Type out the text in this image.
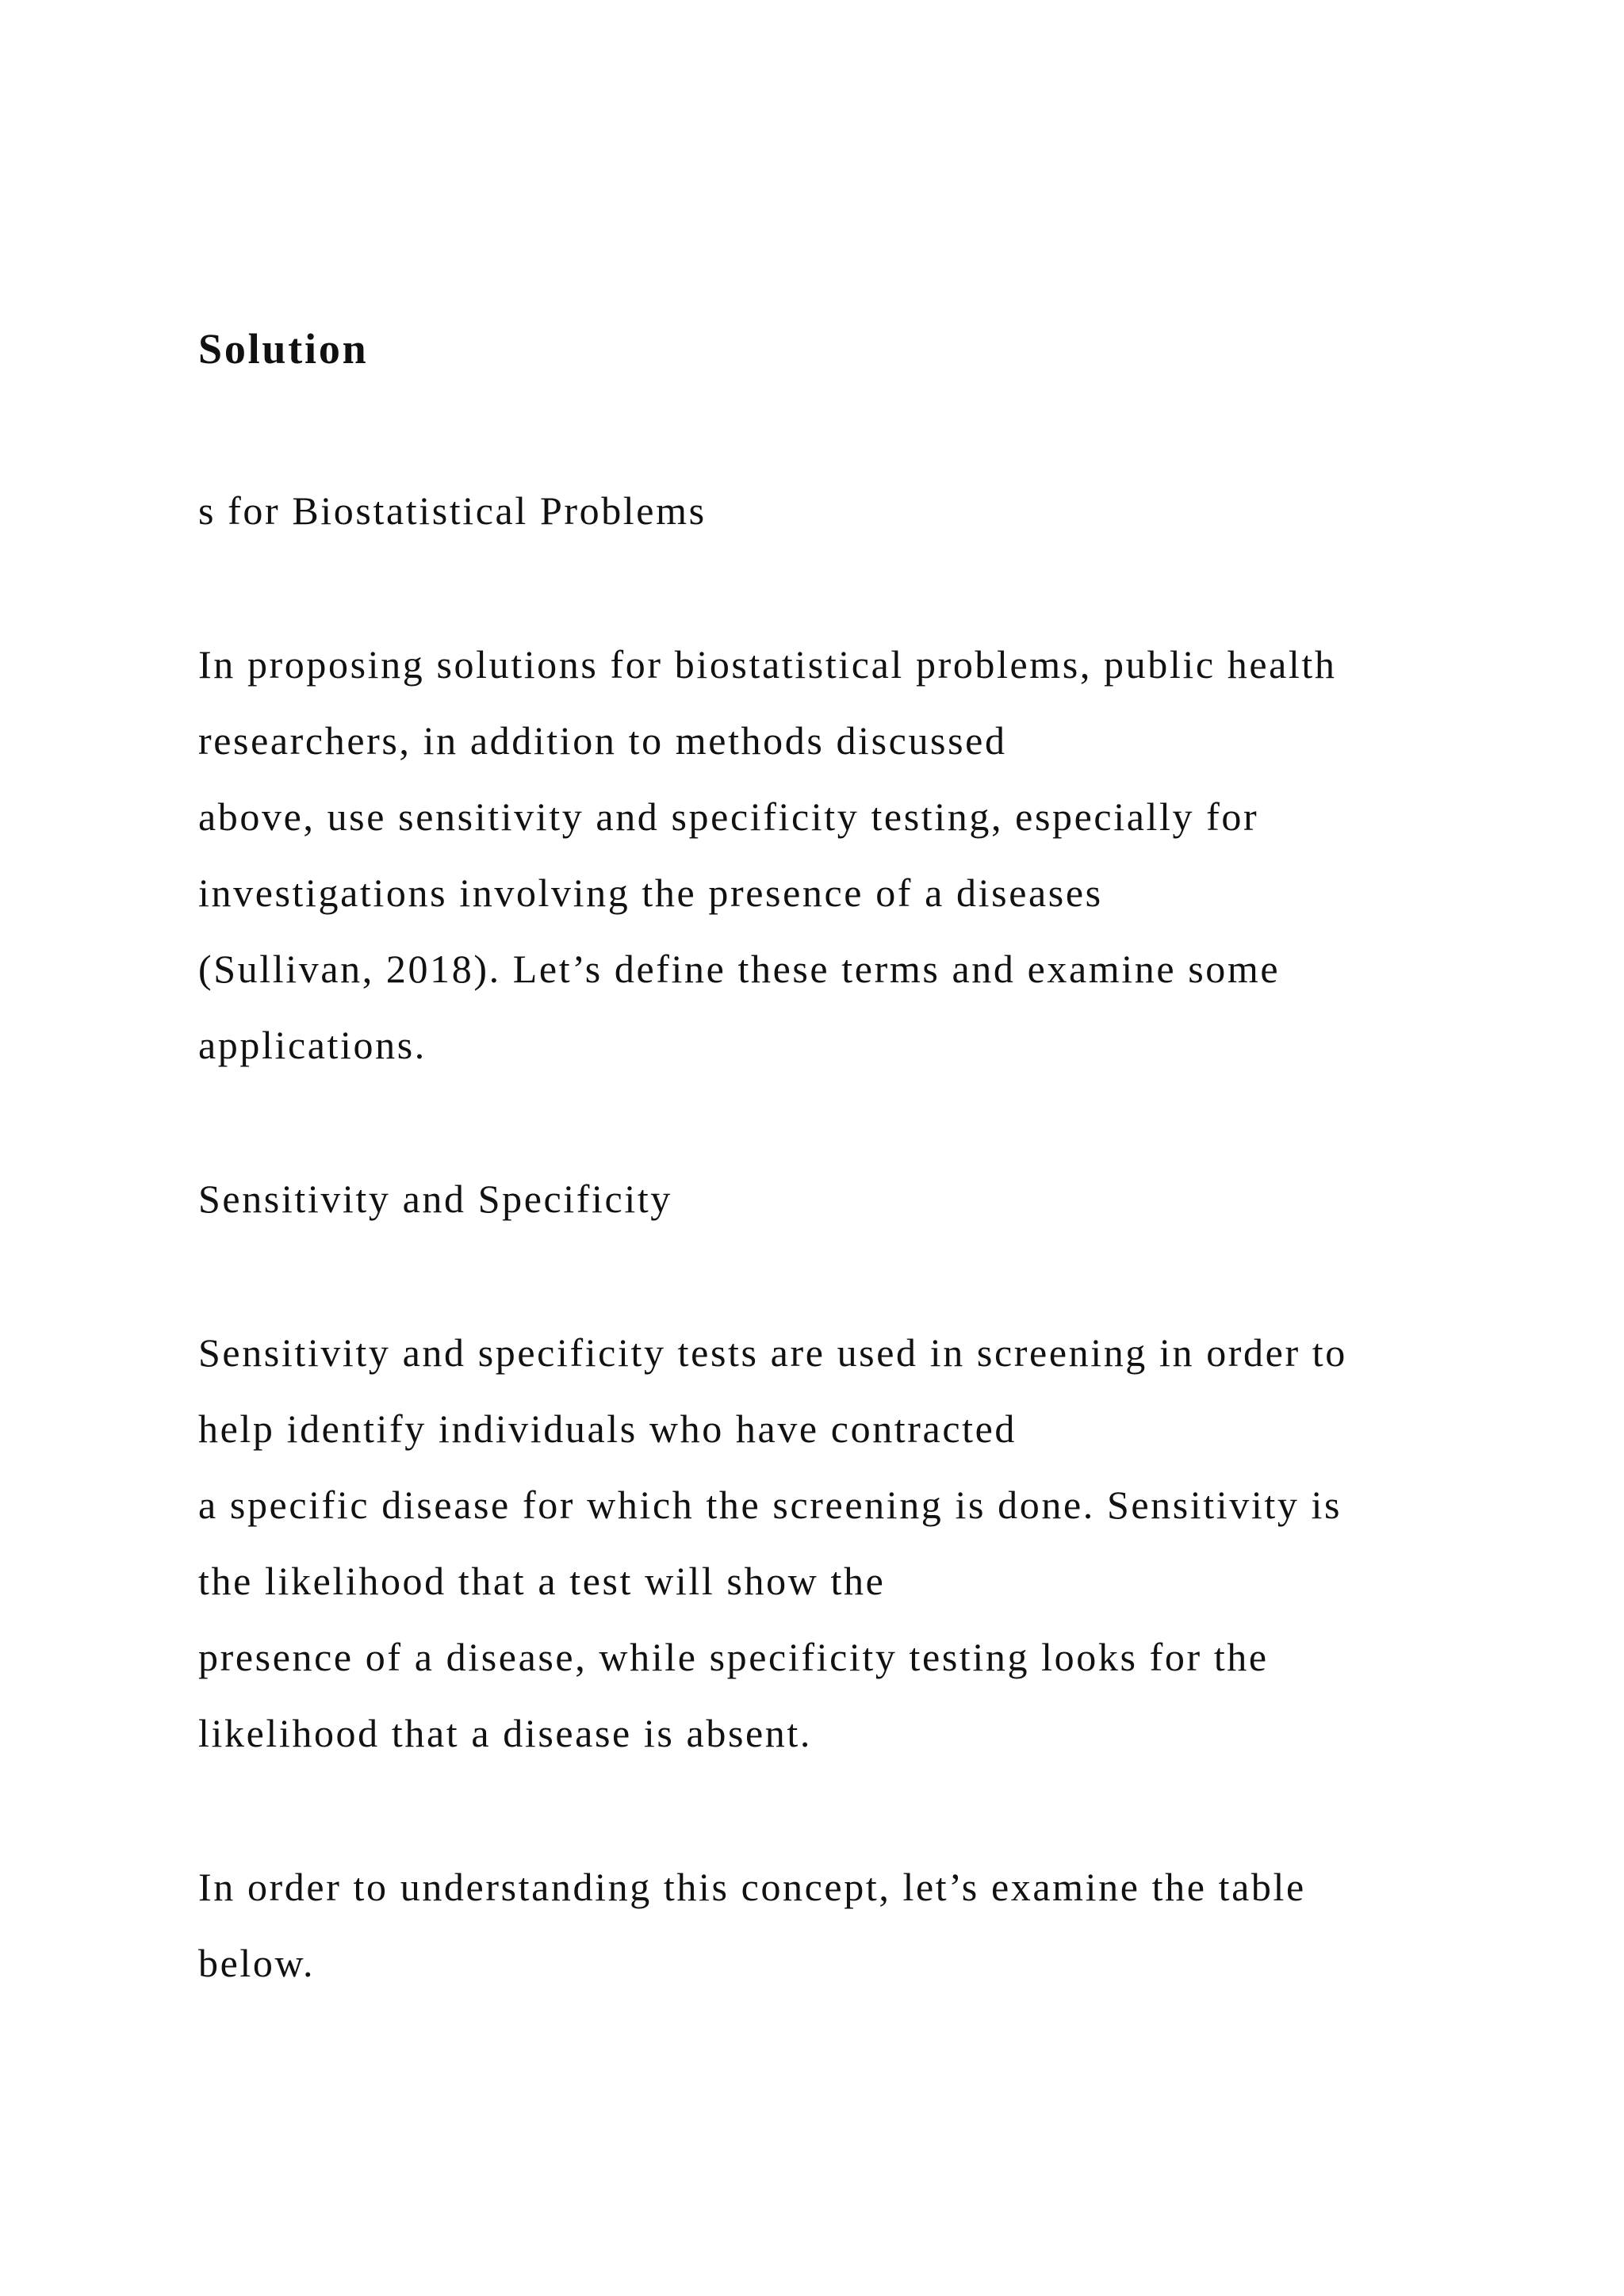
Solution
s for Biostatistical Problems
In proposing solutions for biostatistical problems, public health
researchers, in addition to methods discussed
above, use sensitivity and specificity testing, especially for
investigations involving the presence of a diseases
(Sullivan, 2018). Let’s define these terms and examine some
applications.
Sensitivity and Specificity
Sensitivity and specificity tests are used in screening in order to
help identify individuals who have contracted
a specific disease for which the screening is done. Sensitivity is
the likelihood that a test will show the
presence of a disease, while specificity testing looks for the
likelihood that a disease is absent.
In order to understanding this concept, let’s examine the table
below.
